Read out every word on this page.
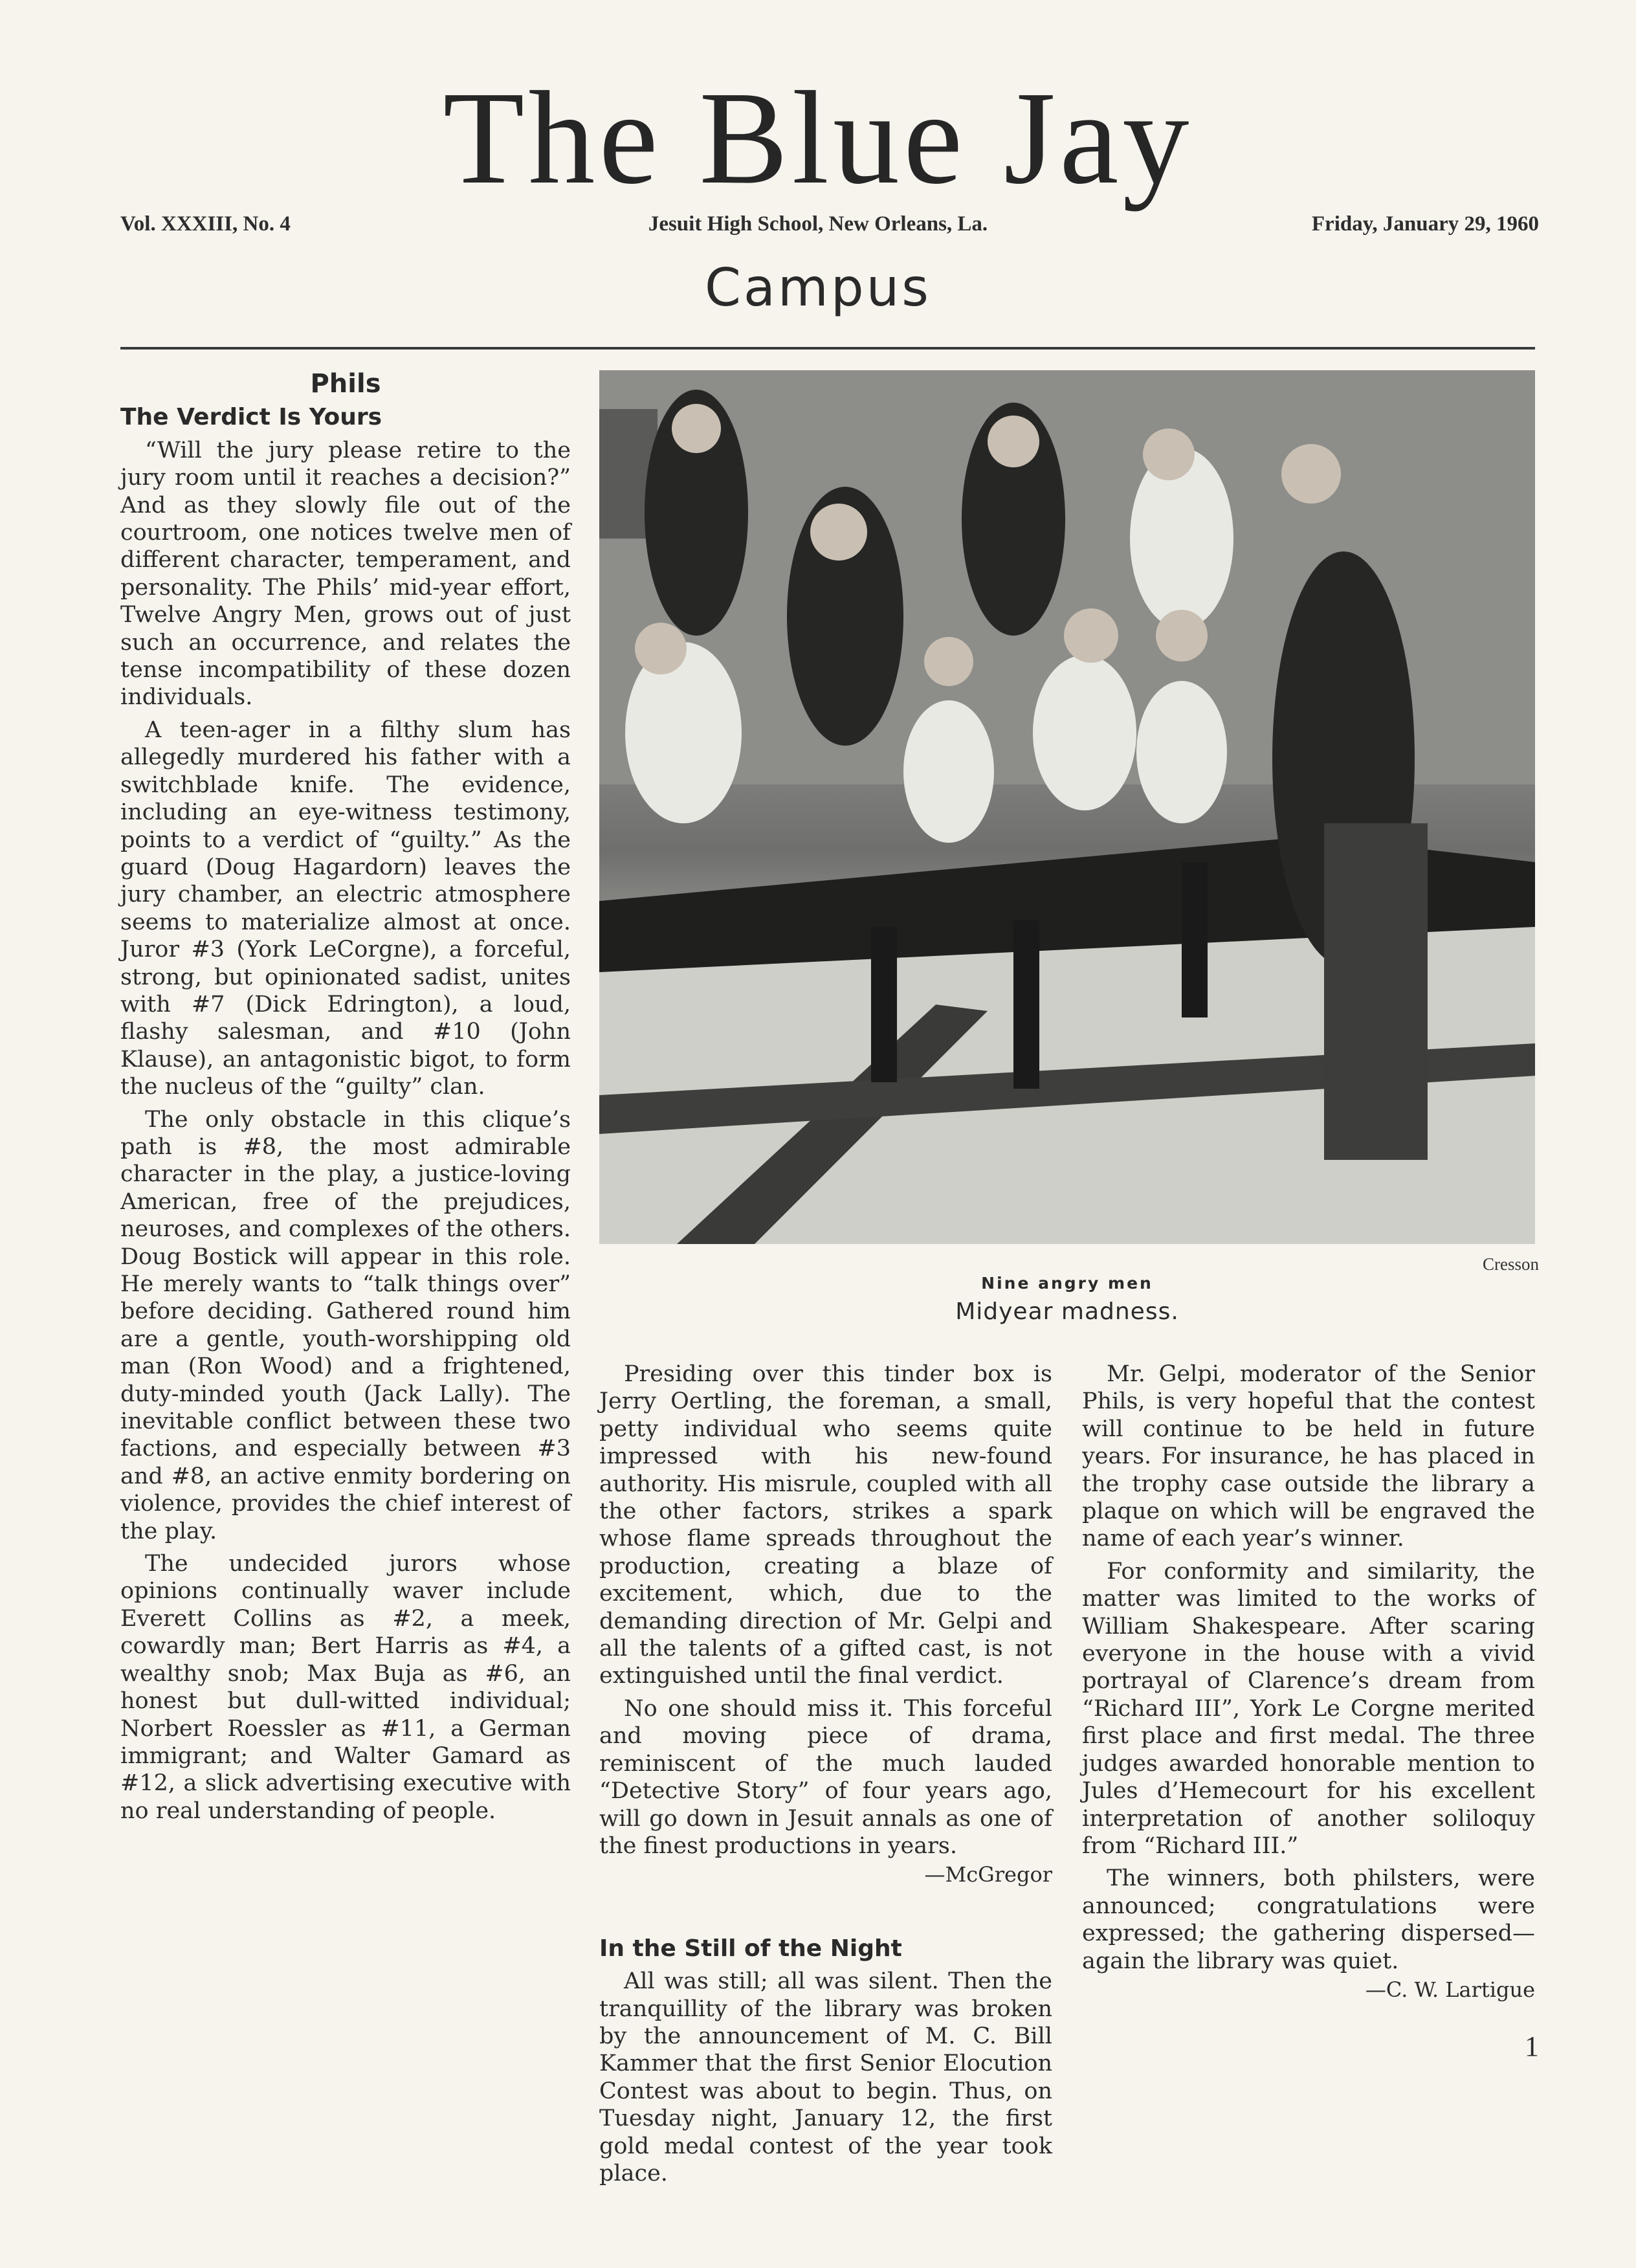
The Blue Jay
Vol. XXXIII, No. 4	Jesuit High School, New Orleans, La.	Friday, January 29, 1960
Campus
Phils
The Verdict Is Yours

“Will the jury please retire to the jury room until it reaches a decision?” And as they slowly file out of the courtroom, one notices twelve men of different character, temperament, and personality. The Phils’ mid-year effort, Twelve Angry Men, grows out of just such an occurrence, and relates the tense incompatibility of these dozen individuals.

A teen-ager in a filthy slum has allegedly murdered his father with a switchblade knife. The evidence, including an eye-witness testimony, points to a verdict of “guilty.” As the guard (Doug Hagardorn) leaves the jury chamber, an electric atmosphere seems to materialize almost at once. Juror #3 (York LeCorgne), a forceful, strong, but opinionated sadist, unites with #7 (Dick Edrington), a loud, flashy salesman, and #10 (John Klause), an antagonistic bigot, to form the nucleus of the “guilty” clan.

The only obstacle in this clique’s path is #8, the most admirable character in the play, a justice-loving American, free of the prejudices, neuroses, and complexes of the others. Doug Bostick will appear in this role. He merely wants to “talk things over” before deciding. Gathered round him are a gentle, youth-worshipping old man (Ron Wood) and a frightened, duty-minded youth (Jack Lally). The inevitable conflict between these two factions, and especially between #3 and #8, an active enmity bordering on violence, provides the chief interest of the play.

The undecided jurors whose opinions continually waver include Everett Collins as #2, a meek, cowardly man; Bert Harris as #4, a wealthy snob; Max Buja as #6, an honest but dull-witted individual; Norbert Roessler as #11, a German immigrant; and Walter Gamard as #12, a slick advertising executive with no real understanding of people.

Cresson
Nine angry men
Midyear madness.

Presiding over this tinder box is Jerry Oertling, the foreman, a small, petty individual who seems quite impressed with his new-found authority. His misrule, coupled with all the other factors, strikes a spark whose flame spreads throughout the production, creating a blaze of excitement, which, due to the demanding direction of Mr. Gelpi and all the talents of a gifted cast, is not extinguished until the final verdict.

No one should miss it. This forceful and moving piece of drama, reminiscent of the much lauded “Detective Story” of four years ago, will go down in Jesuit annals as one of the finest productions in years.

—McGregor
In the Still of the Night

All was still; all was silent. Then the tranquillity of the library was broken by the announcement of M. C. Bill Kammer that the first Senior Elocution Contest was about to begin. Thus, on Tuesday night, January 12, the first gold medal contest of the year took place.

Mr. Gelpi, moderator of the Senior Phils, is very hopeful that the contest will continue to be held in future years. For insurance, he has placed in the trophy case outside the library a plaque on which will be engraved the name of each year’s winner.

For conformity and similarity, the matter was limited to the works of William Shakespeare. After scaring everyone in the house with a vivid portrayal of Clarence’s dream from “Richard III”, York Le Corgne merited first place and first medal. The three judges awarded honorable mention to Jules d’Hemecourt for his excellent interpretation of another soliloquy from “Richard III.”

The winners, both philsters, were announced; congratulations were expressed; the gathering dispersed—again the library was quiet.

—C. W. Lartigue
1
